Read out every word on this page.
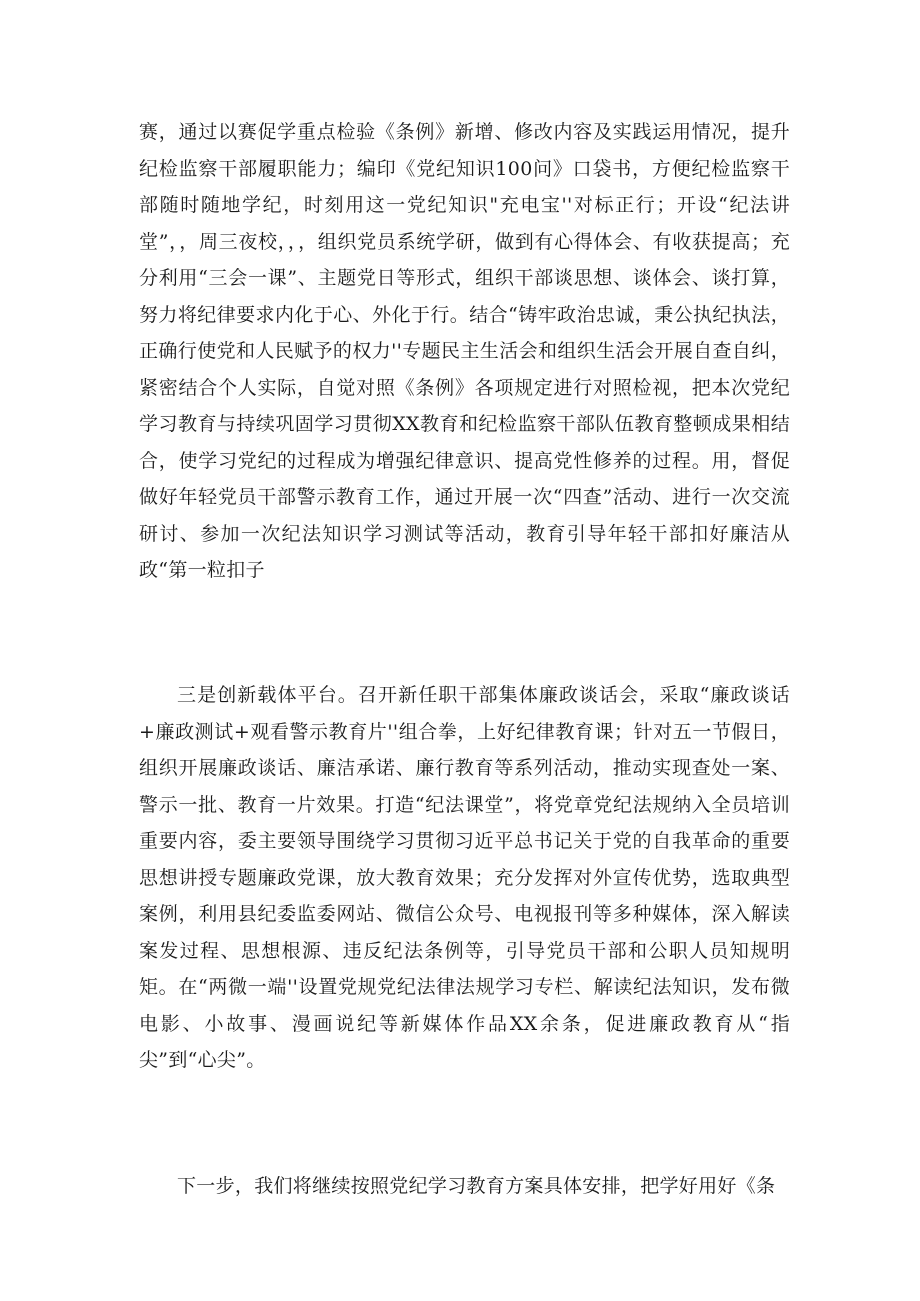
赛，通过以赛促学重点检验《条例》新增、修改内容及实践运用情况，提升纪检监察干部履职能力；编印《党纪知识100问》口袋书，方便纪检监察干部随时随地学纪，时刻用这一党纪知识"充电宝''对标正行；开设“纪法讲堂”，，周三夜校，，，组织党员系统学研，做到有心得体会、有收获提高；充分利用“三会一课”、主题党日等形式，组织干部谈思想、谈体会、谈打算，努力将纪律要求内化于心、外化于行。结合“铸牢政治忠诚，秉公执纪执法，正确行使党和人民赋予的权力''专题民主生活会和组织生活会开展自查自纠，紧密结合个人实际，自觉对照《条例》各项规定进行对照检视，把本次党纪学习教育与持续巩固学习贯彻XX教育和纪检监察干部队伍教育整顿成果相结合，使学习党纪的过程成为增强纪律意识、提高党性修养的过程。用，督促做好年轻党员干部警示教育工作，通过开展一次“四查”活动、进行一次交流研讨、参加一次纪法知识学习测试等活动，教育引导年轻干部扣好廉洁从政“第一粒扣子

三是创新载体平台。召开新任职干部集体廉政谈话会，采取“廉政谈话+廉政测试+观看警示教育片''组合拳，上好纪律教育课；针对五一节假日，组织开展廉政谈话、廉洁承诺、廉行教育等系列活动，推动实现查处一案、警示一批、教育一片效果。打造“纪法课堂”，将党章党纪法规纳入全员培训重要内容，委主要领导围绕学习贯彻习近平总书记关于党的自我革命的重要思想讲授专题廉政党课，放大教育效果；充分发挥对外宣传优势，选取典型案例，利用县纪委监委网站、微信公众号、电视报刊等多种媒体，深入解读案发过程、思想根源、违反纪法条例等，引导党员干部和公职人员知规明矩。在“两微一端''设置党规党纪法律法规学习专栏、解读纪法知识，发布微电影、小故事、漫画说纪等新媒体作品XX余条，促进廉政教育从“指尖”到“心尖”。

下一步，我们将继续按照党纪学习教育方案具体安排，把学好用好《条
